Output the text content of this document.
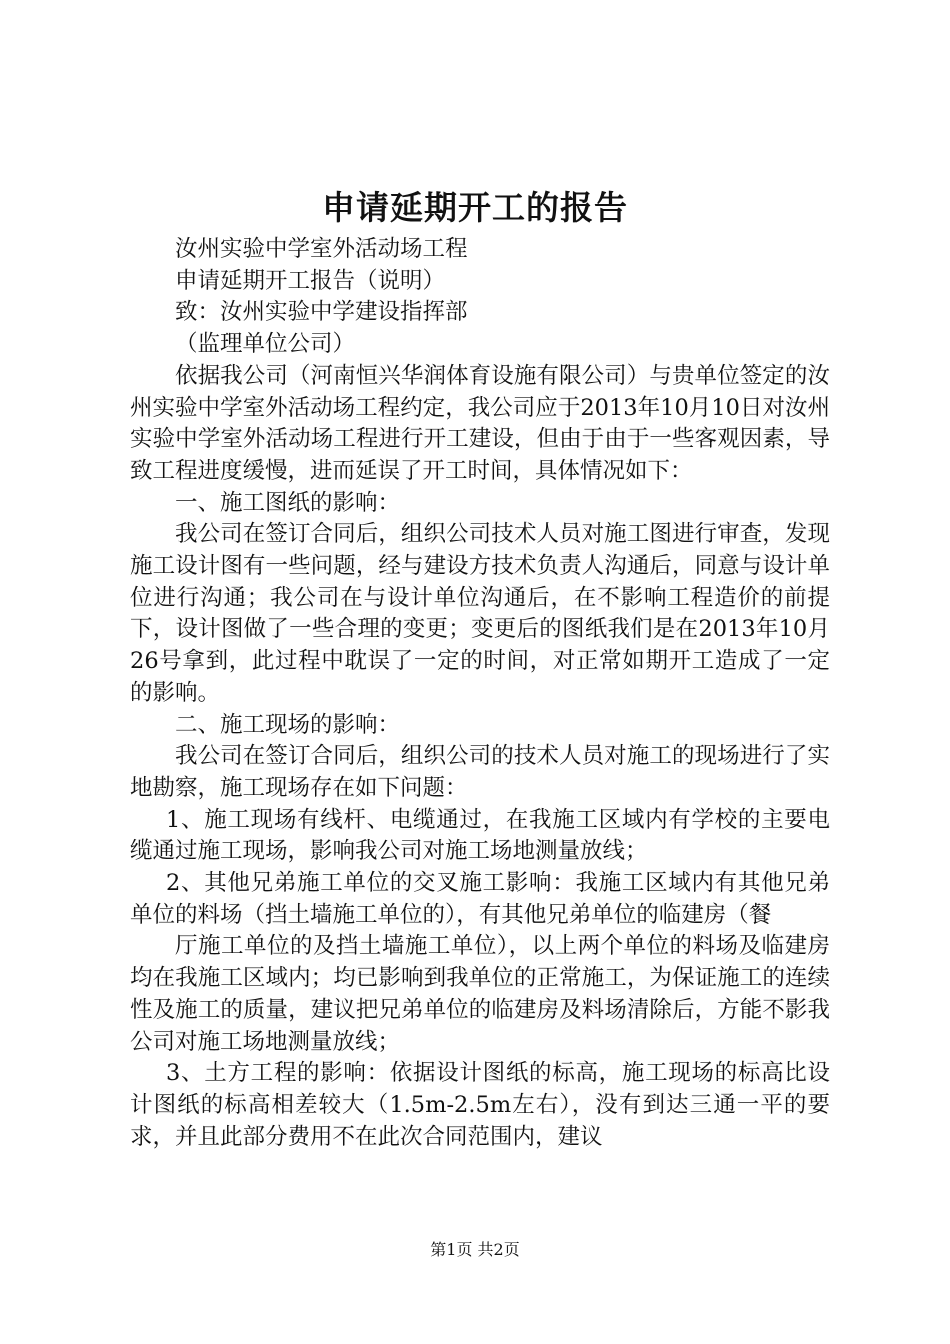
申请延期开工的报告

汝州实验中学室外活动场工程

申请延期开工报告（说明）

致：汝州实验中学建设指挥部

（监理单位公司）

依据我公司（河南恒兴华润体育设施有限公司）与贵单位签定的汝州实验中学室外活动场工程约定，我公司应于2013年10月10日对汝州实验中学室外活动场工程进行开工建设，但由于由于一些客观因素，导致工程进度缓慢，进而延误了开工时间，具体情况如下：

一、施工图纸的影响：

我公司在签订合同后，组织公司技术人员对施工图进行审查，发现施工设计图有一些问题，经与建设方技术负责人沟通后，同意与设计单位进行沟通；我公司在与设计单位沟通后，在不影响工程造价的前提下，设计图做了一些合理的变更；变更后的图纸我们是在2013年10月26号拿到，此过程中耽误了一定的时间，对正常如期开工造成了一定的影响。

二、施工现场的影响：

我公司在签订合同后，组织公司的技术人员对施工的现场进行了实地勘察，施工现场存在如下问题：

1、施工现场有线杆、电缆通过，在我施工区域内有学校的主要电缆通过施工现场，影响我公司对施工场地测量放线；

2、其他兄弟施工单位的交叉施工影响：我施工区域内有其他兄弟单位的料场（挡土墙施工单位的），有其他兄弟单位的临建房（餐

厅施工单位的及挡土墙施工单位），以上两个单位的料场及临建房均在我施工区域内；均已影响到我单位的正常施工，为保证施工的连续性及施工的质量，建议把兄弟单位的临建房及料场清除后，方能不影我公司对施工场地测量放线；

3、土方工程的影响：依据设计图纸的标高，施工现场的标高比设计图纸的标高相差较大（1.5m-2.5m左右），没有到达三通一平的要求，并且此部分费用不在此次合同范围内，建议

第1页 共2页
